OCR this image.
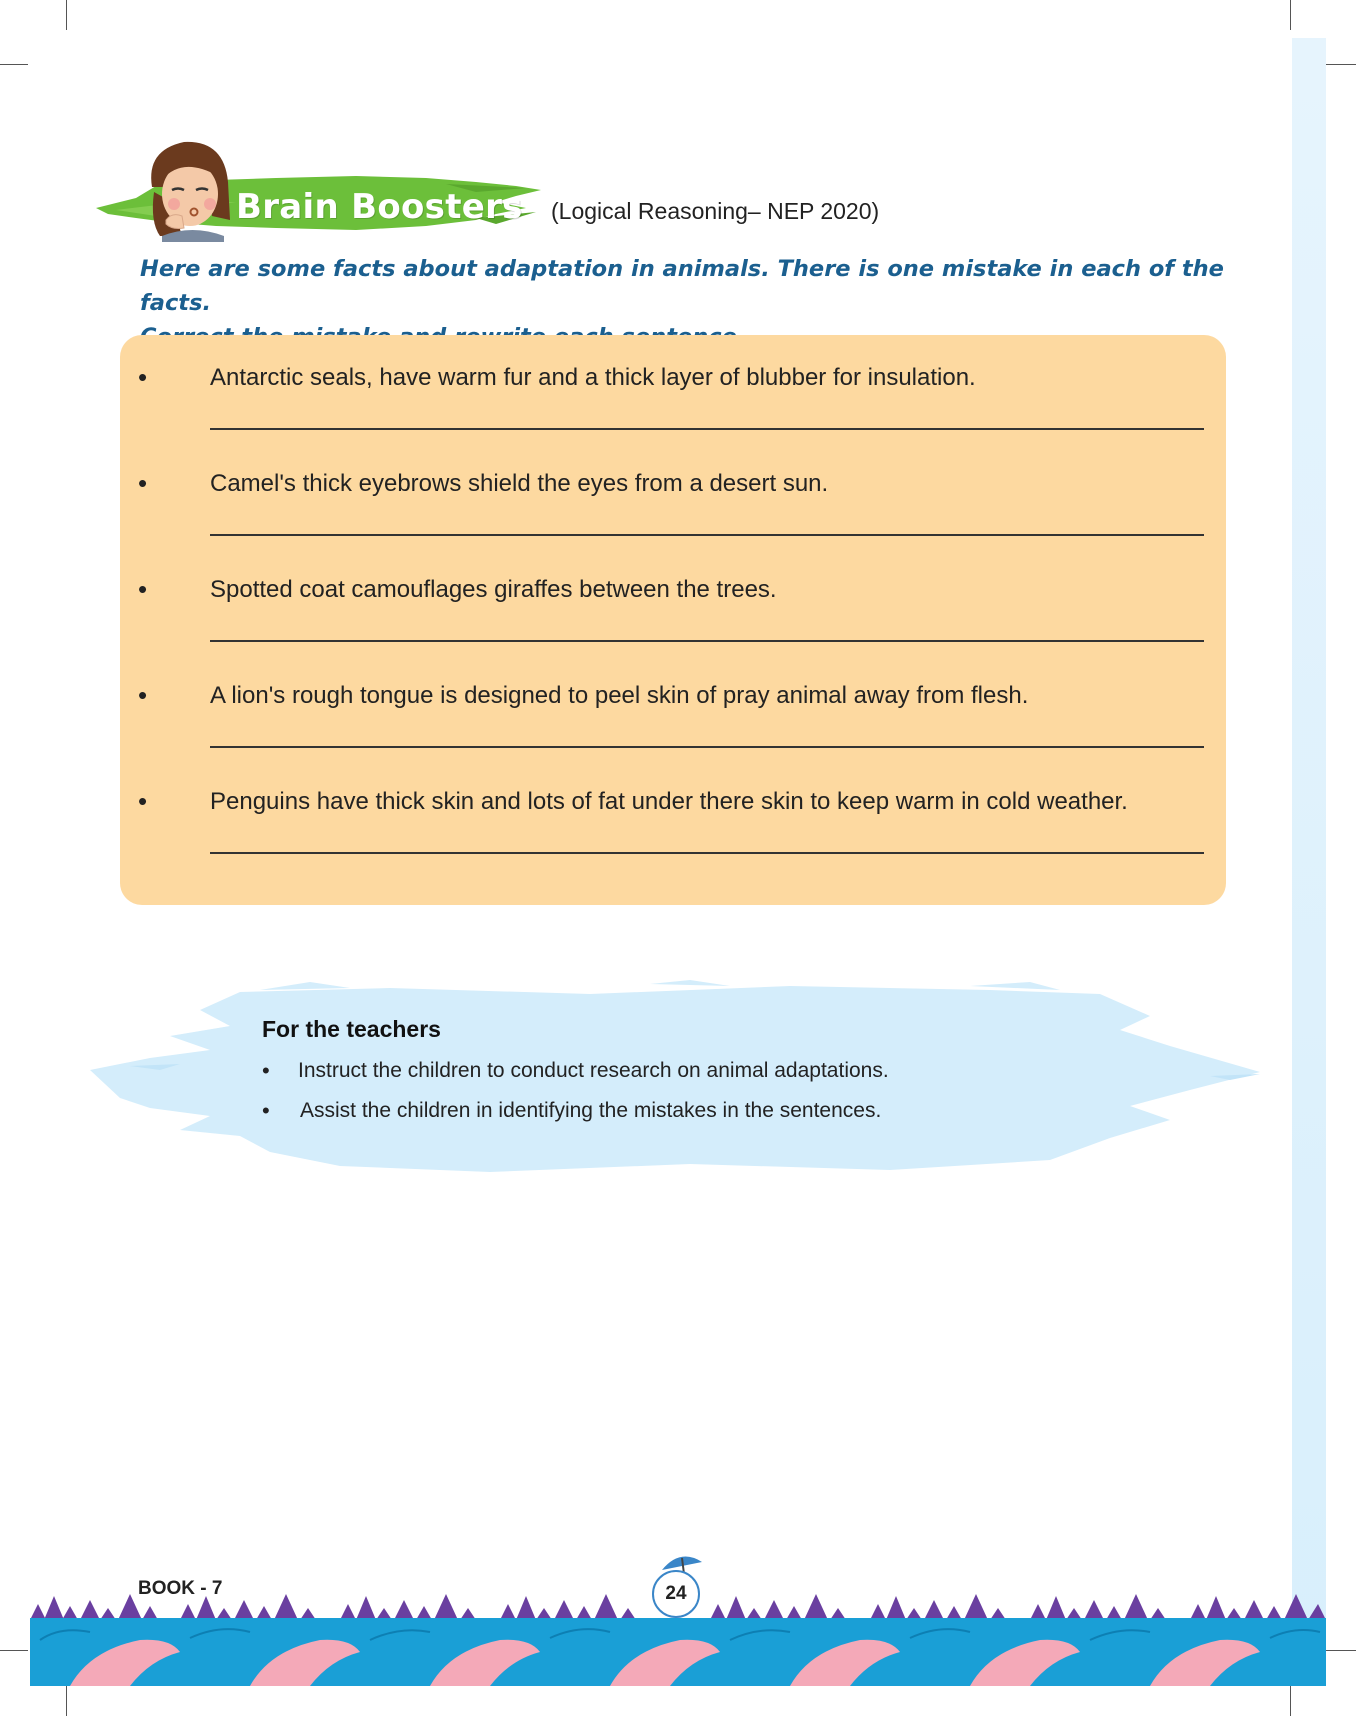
Brain Boosters (Logical Reasoning– NEP 2020)
Here are some facts about adaptation in animals. There is one mistake in each of the facts.
•	Antarctic seals, have warm fur and a thick layer of blubber for insulation.
•	Camel's thick eyebrows shield the eyes from a desert sun.
•	Spotted coat camouflages giraffes between the trees.
•	A lion's rough tongue is designed to peel skin of pray animal away from flesh.
•	Penguins have thick skin and lots of fat under there skin to keep warm in cold weather.
For the teachers
• Instruct the children to conduct research on animal adaptations.
• Assist the children in identifying the mistakes in the sentences.
BOOK - 7	24
